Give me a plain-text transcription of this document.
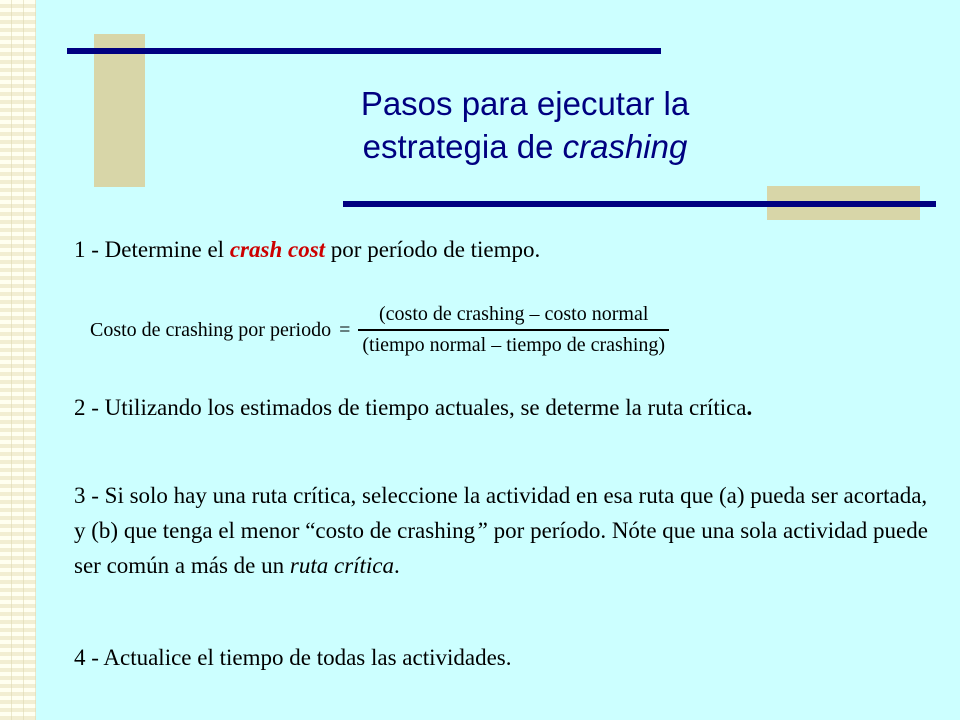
Pasos para ejecutar la
estrategia de crashing
1 - Determine el crash cost por período de tiempo.
Costo de crashing por periodo = $\frac{\text{(costo de crashing – costo normal}}{\text{(tiempo normal – tiempo de crashing)}}$
2 - Utilizando los estimados de tiempo actuales, se determe la ruta crítica.
3 - Si solo hay una ruta crítica, seleccione la actividad en esa ruta que (a) pueda ser acortada, y (b) que tenga el menor “costo de crashing” por período. Nóte que una sola actividad puede ser común a más de un ruta crítica.
4 - Actualice el tiempo de todas las actividades.
